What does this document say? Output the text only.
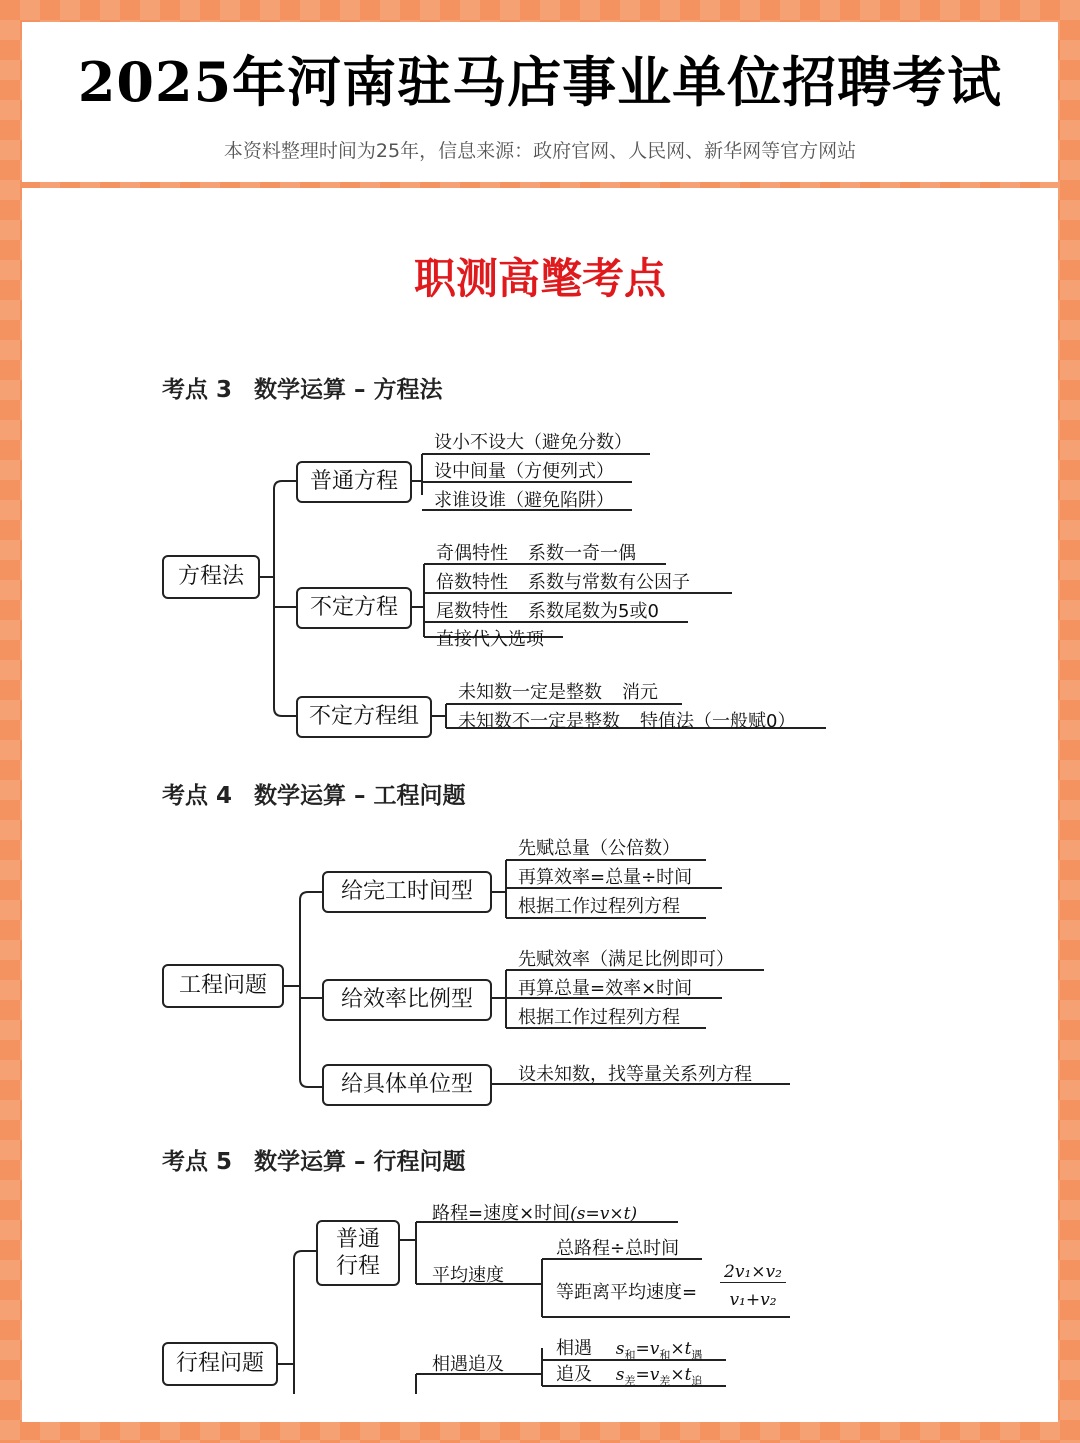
2025年河南驻马店事业单位招聘考试
本资料整理时间为25年，信息来源：政府官网、人民网、新华网等官方网站
职测高氅考点
考点 3 数学运算 – 方程法
方程法
普通方程
不定方程
不定方程组
设小不设大（避免分数）
设中间量（方便列式）
求谁设谁（避免陷阱）
奇偶特性 系数一奇一偶
倍数特性 系数与常数有公因子
尾数特性 系数尾数为5或0
直接代入选项
未知数一定是整数 消元
未知数不一定是整数 特值法（一般赋0）
考点 4 数学运算 – 工程问题
工程问题
给完工时间型
给效率比例型
给具体单位型
先赋总量（公倍数）
再算效率=总量÷时间
根据工作过程列方程
先赋效率（满足比例即可）
再算总量=效率×时间
根据工作过程列方程
设未知数，找等量关系列方程
考点 5 数学运算 – 行程问题
行程问题
普通
行程
路程=速度×时间(s=v×t)
平均速度
总路程÷总时间
等距离平均速度=
2v₁×v₂
v₁+v₂
相遇追及
相遇 $s_和=v_和\times t_遇$
追及 $s_差=v_差\times t_追$
